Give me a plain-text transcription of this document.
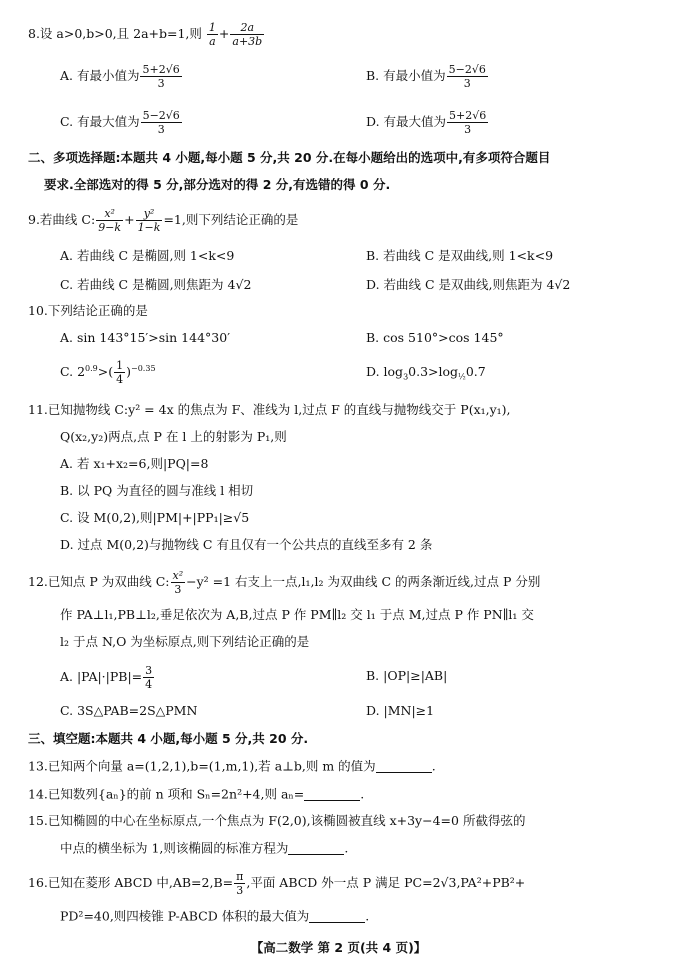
8.设 a>0,b>0,且 2a+b=1,则 $\frac{1}{a} + \frac{2a}{a+3b}$
A. 有最小值为 $\frac{5+2√6}{3}$	B. 有最小值为 $\frac{5-2√6}{3}$
C. 有最大值为 $\frac{5-2√6}{3}$	D. 有最大值为 $\frac{5+2√6}{3}$
二、多项选择题:本题共 4 小题,每小题 5 分,共 20 分.在每小题给出的选项中,有多项符合题目
要求.全部选对的得 5 分,部分选对的得 2 分,有选错的得 0 分.
9.若曲线 C: $\frac{\text{x²}}{9-k} + \frac{\text{y²}}{1-k} =1$,则下列结论正确的是
A. 若曲线 C 是椭圆,则 1<k<9	B. 若曲线 C 是双曲线,则 1<k<9
C. 若曲线 C 是椭圆,则焦距为 4√2	D. 若曲线 C 是双曲线,则焦距为 4√2
10.下列结论正确的是
A. sin 143°15′>sin 144°30′	B. cos 510°>cos 145°
C. $2^{0.9}>( \frac{1}{4} )^{-0.35}$	D. $\log_30.3>\log_{\frac{1}{2}}0.7$
11.已知抛物线 C:y² = 4x 的焦点为 F、准线为 l,过点 F 的直线与抛物线交于 P(x₁,y₁),
Q(x₂,y₂)两点,点 P 在 l 上的射影为 P₁,则
A. 若 x₁+x₂=6,则|PQ|=8
B. 以 PQ 为直径的圆与准线 l 相切
C. 设 M(0,2),则|PM|+|PP₁|≥√5
D. 过点 M(0,2)与抛物线 C 有且仅有一个公共点的直线至多有 2 条
12.已知点 P 为双曲线 C: $\frac{\text{x²}}{3} -y^2 =1$ 右支上一点,l₁,l₂ 为双曲线 C 的两条渐近线,过点 P 分别
作 PA⊥l₁,PB⊥l₂,垂足依次为 A,B,过点 P 作 PM∥l₂ 交 l₁ 于点 M,过点 P 作 PN∥l₁ 交
l₂ 于点 N,O 为坐标原点,则下列结论正确的是
A. $|PA|\cdot|PB|= \frac{3}{4}$	B. |OP|≥|AB|
C. 3S△PAB=2S△PMN	D. |MN|≥1
三、填空题:本题共 4 小题,每小题 5 分,共 20 分.
13.已知两个向量 a=(1,2,1),b=(1,m,1),若 a⊥b,则 m 的值为	.
14.已知数列{aₙ}的前 n 项和 Sₙ=2n²+4,则 aₙ=	.
15.已知椭圆的中心在坐标原点,一个焦点为 F(2,0),该椭圆被直线 x+3y−4=0 所截得弦的
中点的横坐标为 1,则该椭圆的标准方程为	.
16.已知在菱形 ABCD 中$,AB=2,B= \frac{\pi}{3}$ ,平面 ABCD 外一点 P 满足 PC=2√3,PA²+PB²+
PD²=40,则四棱锥 P-ABCD 体积的最大值为	.
【高二数学 第 2 页(共 4 页)】
